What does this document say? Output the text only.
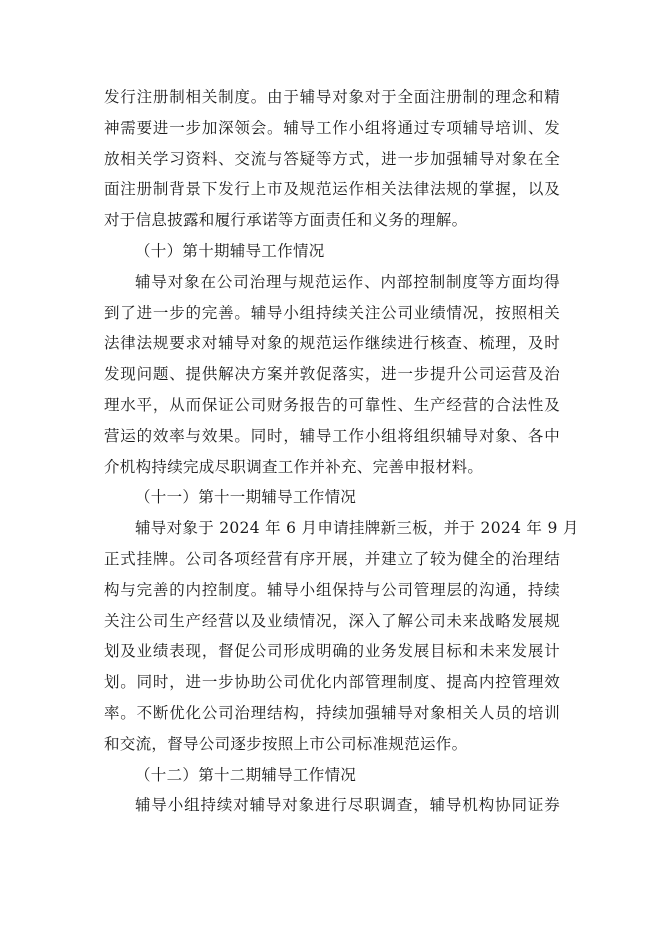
发行注册制相关制度。由于辅导对象对于全面注册制的理念和精
神需要进一步加深领会。辅导工作小组将通过专项辅导培训、发
放相关学习资料、交流与答疑等方式，进一步加强辅导对象在全
面注册制背景下发行上市及规范运作相关法律法规的掌握，以及
对于信息披露和履行承诺等方面责任和义务的理解。

（十）第十期辅导工作情况

辅导对象在公司治理与规范运作、内部控制制度等方面均得
到了进一步的完善。辅导小组持续关注公司业绩情况，按照相关
法律法规要求对辅导对象的规范运作继续进行核查、梳理，及时
发现问题、提供解决方案并敦促落实，进一步提升公司运营及治
理水平，从而保证公司财务报告的可靠性、生产经营的合法性及
营运的效率与效果。同时，辅导工作小组将组织辅导对象、各中
介机构持续完成尽职调查工作并补充、完善申报材料。

（十一）第十一期辅导工作情况

辅导对象于 2024 年 6 月申请挂牌新三板，并于 2024 年 9 月
正式挂牌。公司各项经营有序开展，并建立了较为健全的治理结
构与完善的内控制度。辅导小组保持与公司管理层的沟通，持续
关注公司生产经营以及业绩情况，深入了解公司未来战略发展规
划及业绩表现，督促公司形成明确的业务发展目标和未来发展计
划。同时，进一步协助公司优化内部管理制度、提高内控管理效
率。不断优化公司治理结构，持续加强辅导对象相关人员的培训
和交流，督导公司逐步按照上市公司标准规范运作。

（十二）第十二期辅导工作情况

辅导小组持续对辅导对象进行尽职调查，辅导机构协同证券
